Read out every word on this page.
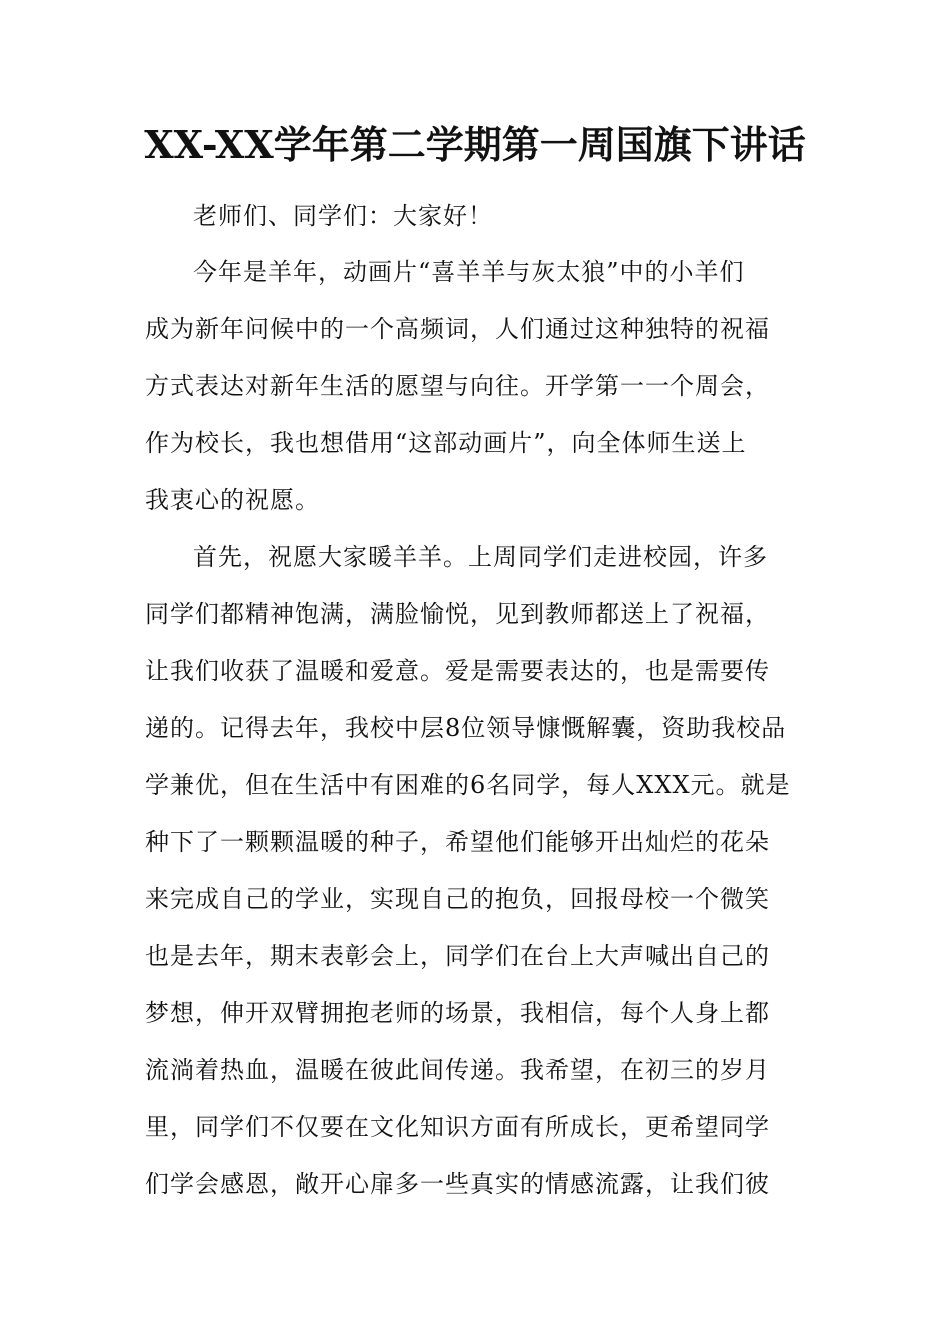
XX-XX学年第二学期第一周国旗下讲话
老师们、同学们：大家好！
今年是羊年，动画片“喜羊羊与灰太狼”中的小羊们
成为新年问候中的一个高频词，人们通过这种独特的祝福
方式表达对新年生活的愿望与向往。开学第一一个周会，
作为校长，我也想借用“这部动画片”，向全体师生送上
我衷心的祝愿。
首先，祝愿大家暖羊羊。上周同学们走进校园，许多
同学们都精神饱满，满脸愉悦，见到教师都送上了祝福，
让我们收获了温暖和爱意。爱是需要表达的，也是需要传
递的。记得去年，我校中层8位领导慷慨解囊，资助我校品
学兼优，但在生活中有困难的6名同学，每人XXX元。就是
种下了一颗颗温暖的种子，希望他们能够开出灿烂的花朵
来完成自己的学业，实现自己的抱负，回报母校一个微笑
也是去年，期末表彰会上，同学们在台上大声喊出自己的
梦想，伸开双臂拥抱老师的场景，我相信，每个人身上都
流淌着热血，温暖在彼此间传递。我希望，在初三的岁月
里，同学们不仅要在文化知识方面有所成长，更希望同学
们学会感恩，敞开心扉多一些真实的情感流露，让我们彼
